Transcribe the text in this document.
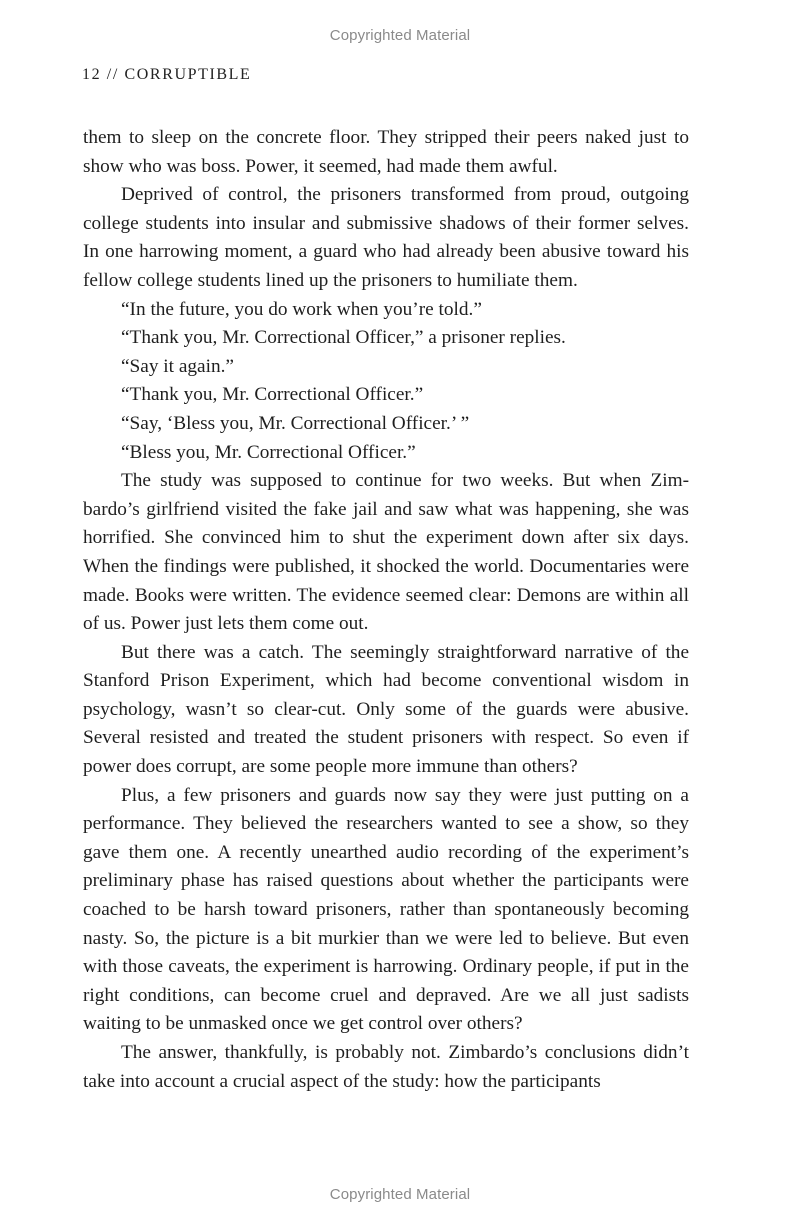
Copyrighted Material
12 // CORRUPTIBLE

them to sleep on the concrete floor. They stripped their peers naked just to show who was boss. Power, it seemed, had made them awful.

Deprived of control, the prisoners transformed from proud, outgoing college students into insular and submissive shadows of their former selves. In one harrowing moment, a guard who had already been abusive toward his fellow college students lined up the prisoners to humiliate them.

“In the future, you do work when you’re told.”

“Thank you, Mr. Correctional Officer,” a prisoner replies.

“Say it again.”

“Thank you, Mr. Correctional Officer.”

“Say, ‘Bless you, Mr. Correctional Officer.’ ”

“Bless you, Mr. Correctional Officer.”

The study was supposed to continue for two weeks. But when Zimbardo’s girlfriend visited the fake jail and saw what was happening, she was horrified. She convinced him to shut the experiment down after six days. When the findings were published, it shocked the world. Documentaries were made. Books were written. The evidence seemed clear: Demons are within all of us. Power just lets them come out.

But there was a catch. The seemingly straightforward narrative of the Stanford Prison Experiment, which had become conventional wisdom in psychology, wasn’t so clear-cut. Only some of the guards were abusive. Several resisted and treated the student prisoners with respect. So even if power does corrupt, are some people more immune than others?

Plus, a few prisoners and guards now say they were just putting on a performance. They believed the researchers wanted to see a show, so they gave them one. A recently unearthed audio recording of the experiment’s preliminary phase has raised questions about whether the participants were coached to be harsh toward prisoners, rather than spontaneously becoming nasty. So, the picture is a bit murkier than we were led to believe. But even with those caveats, the experiment is harrowing. Ordinary people, if put in the right conditions, can become cruel and depraved. Are we all just sadists waiting to be unmasked once we get control over others?

The answer, thankfully, is probably not. Zimbardo’s conclusions didn’t take into account a crucial aspect of the study: how the participants

Copyrighted Material
